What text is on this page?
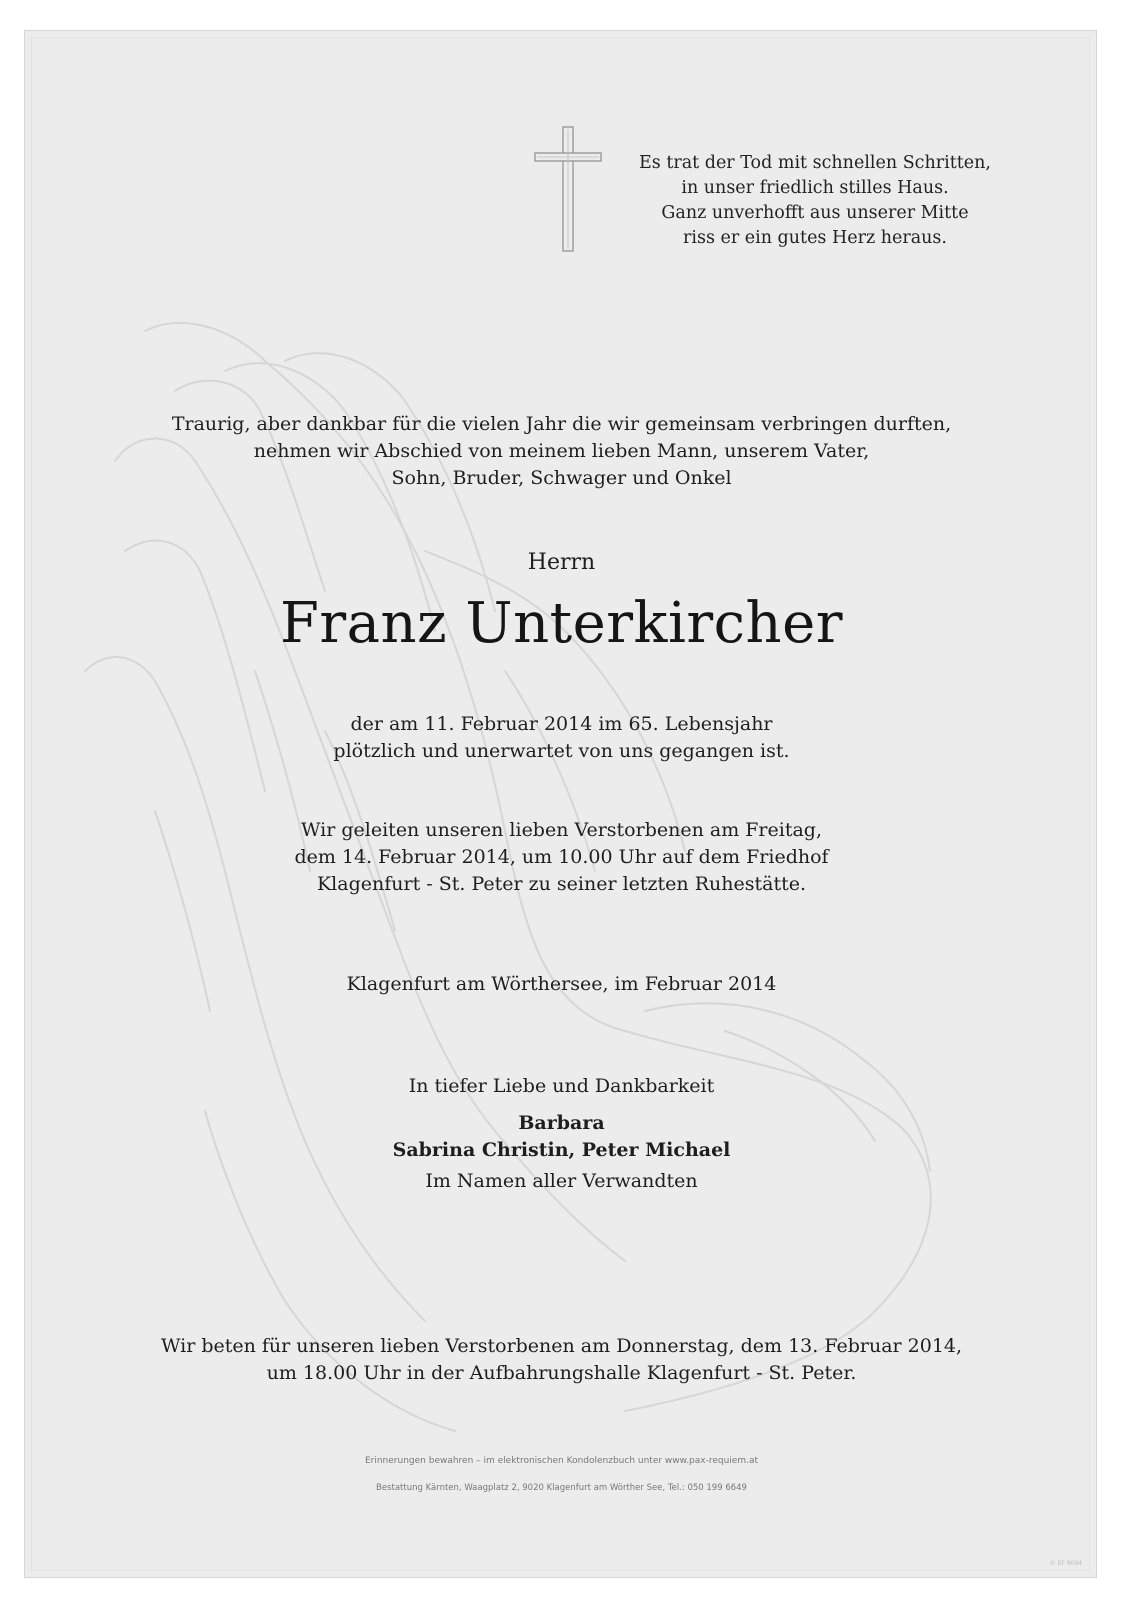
Es trat der Tod mit schnellen Schritten,
in unser friedlich stilles Haus.
Ganz unverhofft aus unserer Mitte
riss er ein gutes Herz heraus.
Traurig, aber dankbar für die vielen Jahr die wir gemeinsam verbringen durften,
nehmen wir Abschied von meinem lieben Mann, unserem Vater,
Sohn, Bruder, Schwager und Onkel
Herrn
Franz Unterkircher
der am 11. Februar 2014 im 65. Lebensjahr
plötzlich und unerwartet von uns gegangen ist.
Wir geleiten unseren lieben Verstorbenen am Freitag,
dem 14. Februar 2014, um 10.00 Uhr auf dem Friedhof
Klagenfurt - St. Peter zu seiner letzten Ruhestätte.
Klagenfurt am Wörthersee, im Februar 2014
In tiefer Liebe und Dankbarkeit
Barbara
Sabrina Christin, Peter Michael
Im Namen aller Verwandten
Wir beten für unseren lieben Verstorbenen am Donnerstag, dem 13. Februar 2014,
um 18.00 Uhr in der Aufbahrungshalle Klagenfurt - St. Peter.
Erinnerungen bewahren – im elektronischen Kondolenzbuch unter www.pax-requiem.at
Bestattung Kärnten, Waagplatz 2, 9020 Klagenfurt am Wörther See, Tel.: 050 199 6649
© EF 9094
